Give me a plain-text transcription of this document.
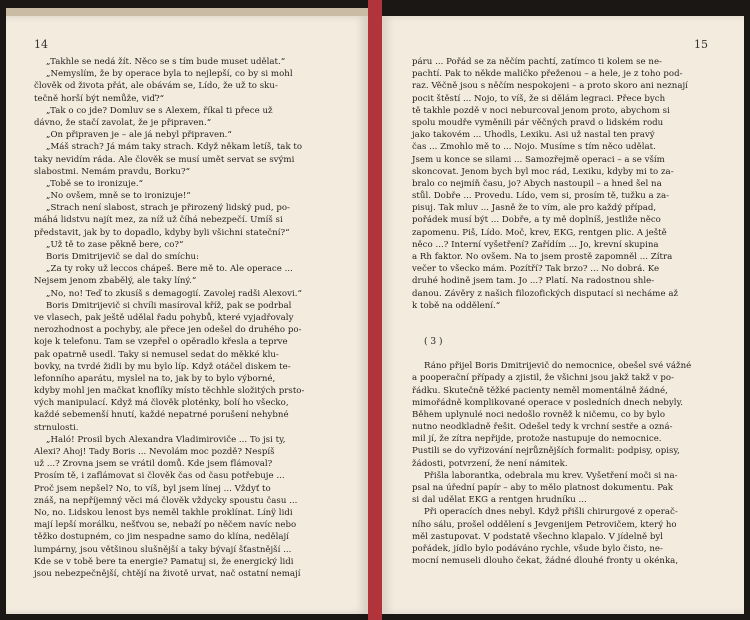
14
„Takhle se nedá žít. Něco se s tím bude muset udělat.“
„Nemyslím, že by operace byla to nejlepší, co by si mohl
člověk od života přát, ale obávám se, Lído, že už to sku-
tečně horší být nemůže, viď?“
„Tak o co jde? Domluv se s Alexem, říkal ti přece už
dávno, že stačí zavolat, že je připraven.“
„On připraven je – ale já nebyl připraven.“
„Máš strach? Já mám taky strach. Když někam letíš, tak to
taky nevidím ráda. Ale člověk se musí umět servat se svými
slabostmi. Nemám pravdu, Borku?“
„Tobě se to ironizuje.“
„No ovšem, mně se to ironizuje!“
„Strach není slabost, strach je přirozený lidský pud, po-
máhá lidstvu najít mez, za níž už číhá nebezpečí. Umíš si
představit, jak by to dopadlo, kdyby byli všichni stateční?“
„Už tě to zase pěkně bere, co?“
Boris Dmitrijevič se dal do smíchu:
„Za ty roky už leccos chápeš. Bere mě to. Ale operace ...
Nejsem jenom zbabělý, ale taky líný.“
„No, no! Teď to zkusíš s demagogií. Zavolej radši Alexovi.“
Boris Dmitrijevič si chvíli masíroval kříž, pak se podrbal
ve vlasech, pak ještě udělal řadu pohybů, které vyjadřovaly
nerozhodnost a pochyby, ale přece jen odešel do druhého po-
koje k telefonu. Tam se vzepřel o opěradlo křesla a teprve
pak opatrně usedl. Taky si nemusel sedat do měkké klu-
bovky, na tvrdé židli by mu bylo líp. Když otáčel diskem te-
lefonního aparátu, myslel na to, jak by to bylo výborné,
kdyby mohl jen mačkat knoflíky místo těchhle složitých prsto-
vých manipulací. Když má člověk ploténky, bolí ho všecko,
každé sebemenší hnutí, každé nepatrné porušení nehybné
strnulosti.
„Haló! Prosil bych Alexandra Vladimiroviče ... To jsi ty,
Alexi? Ahoj! Tady Boris ... Nevolám moc pozdě? Nespíš
už ...? Zrovna jsem se vrátil domů. Kde jsem flámoval?
Prosím tě, i zaflámovat si člověk čas od času potřebuje ...
Proč jsem nepšel? No, to víš, byl jsem línej ... Vždyť to
znáš, na nepříjemný věci má člověk vždycky spoustu času ...
No, no. Lidskou lenost bys neměl takhle proklínat. Línÿ lidi
mají lepší morálku, nešťvou se, nebaží po něčem navíc nebo
těžko dostupném, co jim nespadne samo do klína, nedělají
lumpárny, jsou většinou slušnější a taky bývají šťastnější ...
Kde se v tobě bere ta energie? Pamatuj si, že energický lidi
jsou nebezpečnější, chtějí na životě urvat, nač ostatní nemají
15
páru ... Pořád se za něčím pachtí, zatímco ti kolem se ne-
pachtí. Pak to někde maličko přeženou – a hele, je z toho pod-
raz. Věčně jsou s něčím nespokojeni – a proto skoro ani neznají
pocit štěstí ... Nojo, to víš, že si dělám legraci. Přece bych
tě takhle pozdě v noci neburcoval jenom proto, abychom si
spolu moudře vyměnili pár věčných pravd o lidském rodu
jako takovém ... Uhodls, Lexiku. Asi už nastal ten pravý
čas ... Zmohlo mě to ... Nojo. Musíme s tím něco udělat.
Jsem u konce se silami ... Samozřejmě operaci – a se vším
skoncovat. Jenom bych byl moc rád, Lexiku, kdyby mi to za-
bralo co nejmíň času, jo? Abych nastoupil – a hned šel na
stůl. Dobře ... Provedu. Lído, vem si, prosím tě, tužku a za-
pisuj. Tak mluv ... Jasně že to vím, ale pro každý případ,
pořádek musí být ... Dobře, a ty mě doplníš, jestliže něco
zapomenu. Piš, Lído. Moč, krev, EKG, rentgen plic. A ještě
něco ...? Interní vyšetření? Zařídím ... Jo, krevní skupina
a Rh faktor. No ovšem. Na to jsem prostě zapomněl ... Zítra
večer to všecko mám. Pozítří? Tak brzo? ... No dobrá. Ke
druhé hodině jsem tam. Jo ...? Platí. Na radostnou shle-
danou. Závěry z našich filozofických disputací si necháme až
k tobě na oddělení.“
( 3 )
Ráno přijel Boris Dmitrijevič do nemocnice, obešel své vážné
a pooperační případy a zjistil, že všichni jsou jakž takž v po-
řádku. Skutečně těžké pacienty neměl momentálně žádné,
mimořádně komplikované operace v posledních dnech nebyly.
Během uplynulé noci nedošlo rovněž k ničemu, co by bylo
nutno neodkladně řešit. Odešel tedy k vrchní sestře a ozná-
mil jí, že zítra nepřijde, protože nastupuje do nemocnice.
Pustili se do vyřizování nejrůznějších formalit: podpisy, opisy,
žádosti, potvrzení, že není námitek.
Přišla laborantka, odebrala mu krev. Vyšetření moči si na-
psal na úřední papír – aby to mělo platnost dokumentu. Pak
si dal udělat EKG a rentgen hrudníku ...
Při operacích dnes nebyl. Když přišli chirurgové z operač-
ního sálu, prošel oddělení s Jevgenijem Petrovičem, který ho
měl zastupovat. V podstatě všechno klapalo. V jídelně byl
pořádek, jídlo bylo podáváno rychle, všude bylo čisto, ne-
mocní nemuseli dlouho čekat, žádné dlouhé fronty u okénka,
